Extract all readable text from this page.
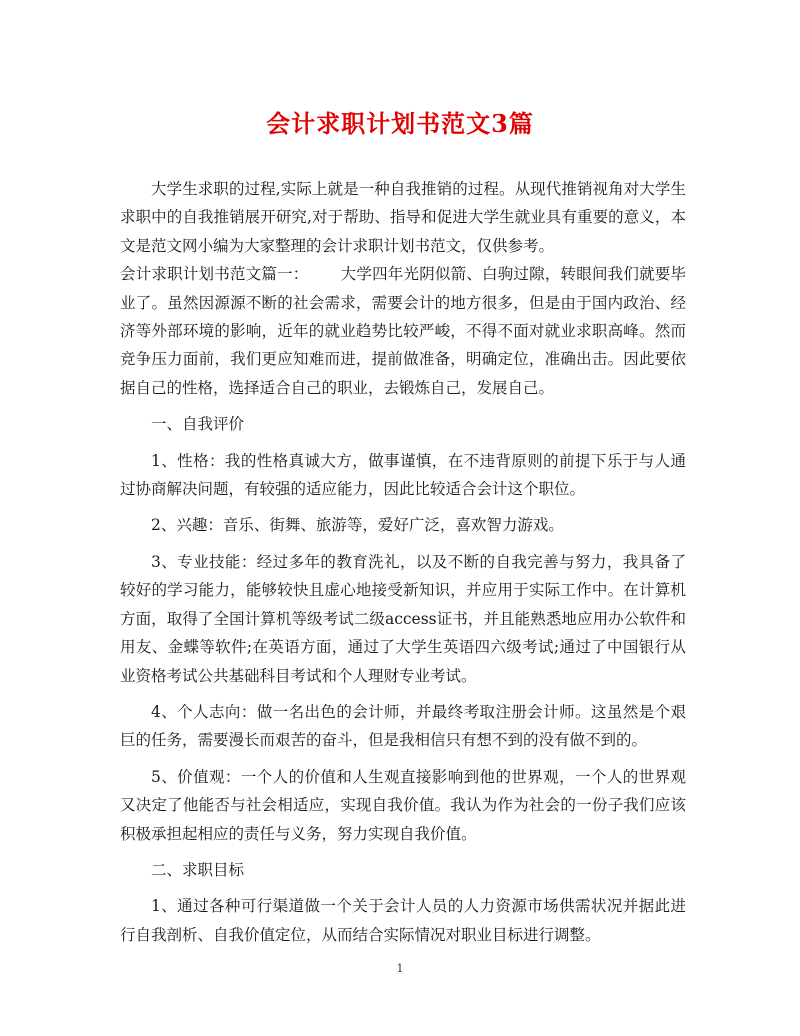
会计求职计划书范文3篇

大学生求职的过程,实际上就是一种自我推销的过程。从现代推销视角对大学生求职中的自我推销展开研究,对于帮助、指导和促进大学生就业具有重要的意义，本文是范文网小编为大家整理的会计求职计划书范文，仅供参考。

会计求职计划书范文篇一： 大学四年光阴似箭、白驹过隙，转眼间我们就要毕业了。虽然因源源不断的社会需求，需要会计的地方很多，但是由于国内政治、经济等外部环境的影响，近年的就业趋势比较严峻，不得不面对就业求职高峰。然而竞争压力面前，我们更应知难而进，提前做准备，明确定位，准确出击。因此要依据自己的性格，选择适合自己的职业，去锻炼自己，发展自己。

一、自我评价

1、性格：我的性格真诚大方，做事谨慎，在不违背原则的前提下乐于与人通过协商解决问题，有较强的适应能力，因此比较适合会计这个职位。

2、兴趣：音乐、街舞、旅游等，爱好广泛，喜欢智力游戏。

3、专业技能：经过多年的教育洗礼，以及不断的自我完善与努力，我具备了较好的学习能力，能够较快且虚心地接受新知识，并应用于实际工作中。在计算机方面，取得了全国计算机等级考试二级access证书，并且能熟悉地应用办公软件和用友、金蝶等软件;在英语方面，通过了大学生英语四六级考试;通过了中国银行从业资格考试公共基础科目考试和个人理财专业考试。

4、个人志向：做一名出色的会计师，并最终考取注册会计师。这虽然是个艰巨的任务，需要漫长而艰苦的奋斗，但是我相信只有想不到的没有做不到的。

5、价值观：一个人的价值和人生观直接影响到他的世界观，一个人的世界观又决定了他能否与社会相适应，实现自我价值。我认为作为社会的一份子我们应该积极承担起相应的责任与义务，努力实现自我价值。

二、求职目标

1、通过各种可行渠道做一个关于会计人员的人力资源市场供需状况并据此进行自我剖析、自我价值定位，从而结合实际情况对职业目标进行调整。

1
